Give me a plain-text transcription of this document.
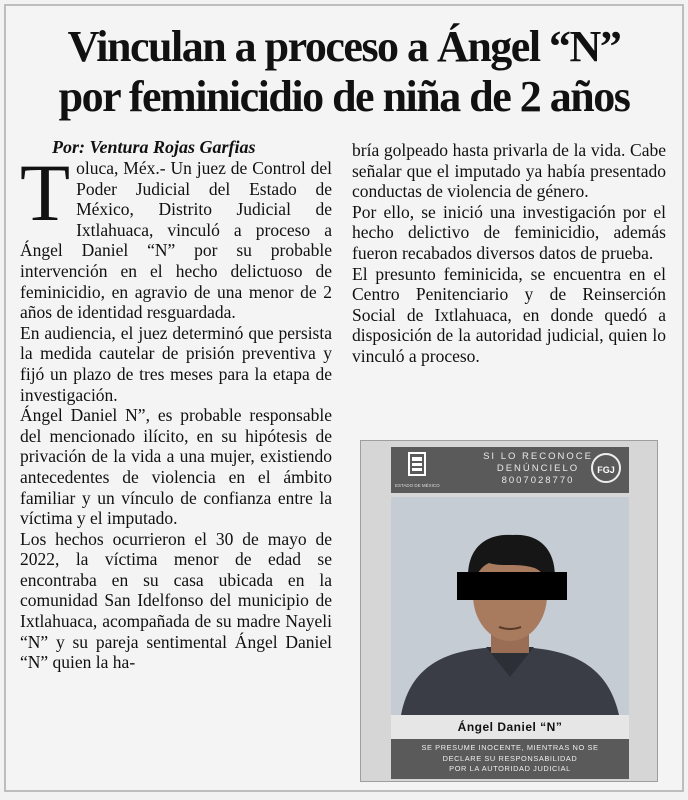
Vinculan a proceso a Ángel “N”
por feminicidio de niña de 2 años
Por: Ventura Rojas Garfias

Toluca, Méx.- Un juez de Control del Poder Judicial del Estado de México, Distrito Judicial de Ixtlahuaca, vinculó a proceso a Ángel Daniel “N” por su probable intervención en el hecho delictuoso de feminicidio, en agravio de una menor de 2 años de identidad resguardada.

En audiencia, el juez determinó que persista la medida cautelar de prisión preventiva y fijó un plazo de tres meses para la etapa de investigación.

Ángel Daniel N”, es probable responsable del mencionado ilícito, en su hipótesis de privación de la vida a una mujer, existiendo antecedentes de violencia en el ámbito familiar y un vínculo de confianza entre la víctima y el imputado.

Los hechos ocurrieron el 30 de mayo de 2022, la víctima menor de edad se encontraba en su casa ubicada en la comunidad San Idelfonso del municipio de Ixtlahuaca, acompañada de su madre Nayeli “N” y su pareja sentimental Ángel Daniel “N” quien la ha-

bría golpeado hasta privarla de la vida. Cabe señalar que el imputado ya había presentado conductas de violencia de género.

Por ello, se inició una investigación por el hecho delictivo de feminicidio, además fueron recabados diversos datos de prueba.

El presunto feminicida, se encuentra en el Centro Penitenciario y de Reinserción Social de Ixtlahuaca, en donde quedó a disposición de la autoridad judicial, quien lo vinculó a proceso.

ESTADO DE MÉXICO
SI LO RECONOCE
DENÚNCIELO
8007028770
FGJ
Ángel Daniel “N”
SE PRESUME INOCENTE, MIENTRAS NO SE
DECLARE SU RESPONSABILIDAD
POR LA AUTORIDAD JUDICIAL
